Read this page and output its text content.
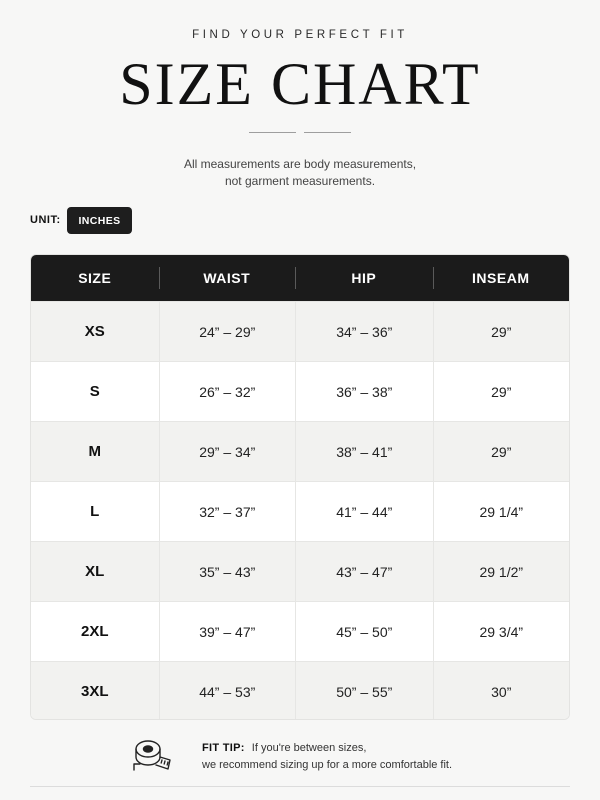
FIND YOUR PERFECT FIT
SIZE CHART
All measurements are body measurements,
not garment measurements.
UNIT:	INCHES
SIZE	WAIST	HIP	INSEAM
XS	24” – 29”	34” – 36”	29”
S	26” – 32”	36” – 38”	29”
M	29” – 34”	38” – 41”	29”
L	32” – 37”	41” – 44”	29 1/4”
XL	35” – 43”	43” – 47”	29 1/2”
2XL	39” – 47”	45” – 50”	29 3/4”
3XL	44” – 53”	50” – 55”	30”
FIT TIP: If you're between sizes,
we recommend sizing up for a more comfortable fit.
